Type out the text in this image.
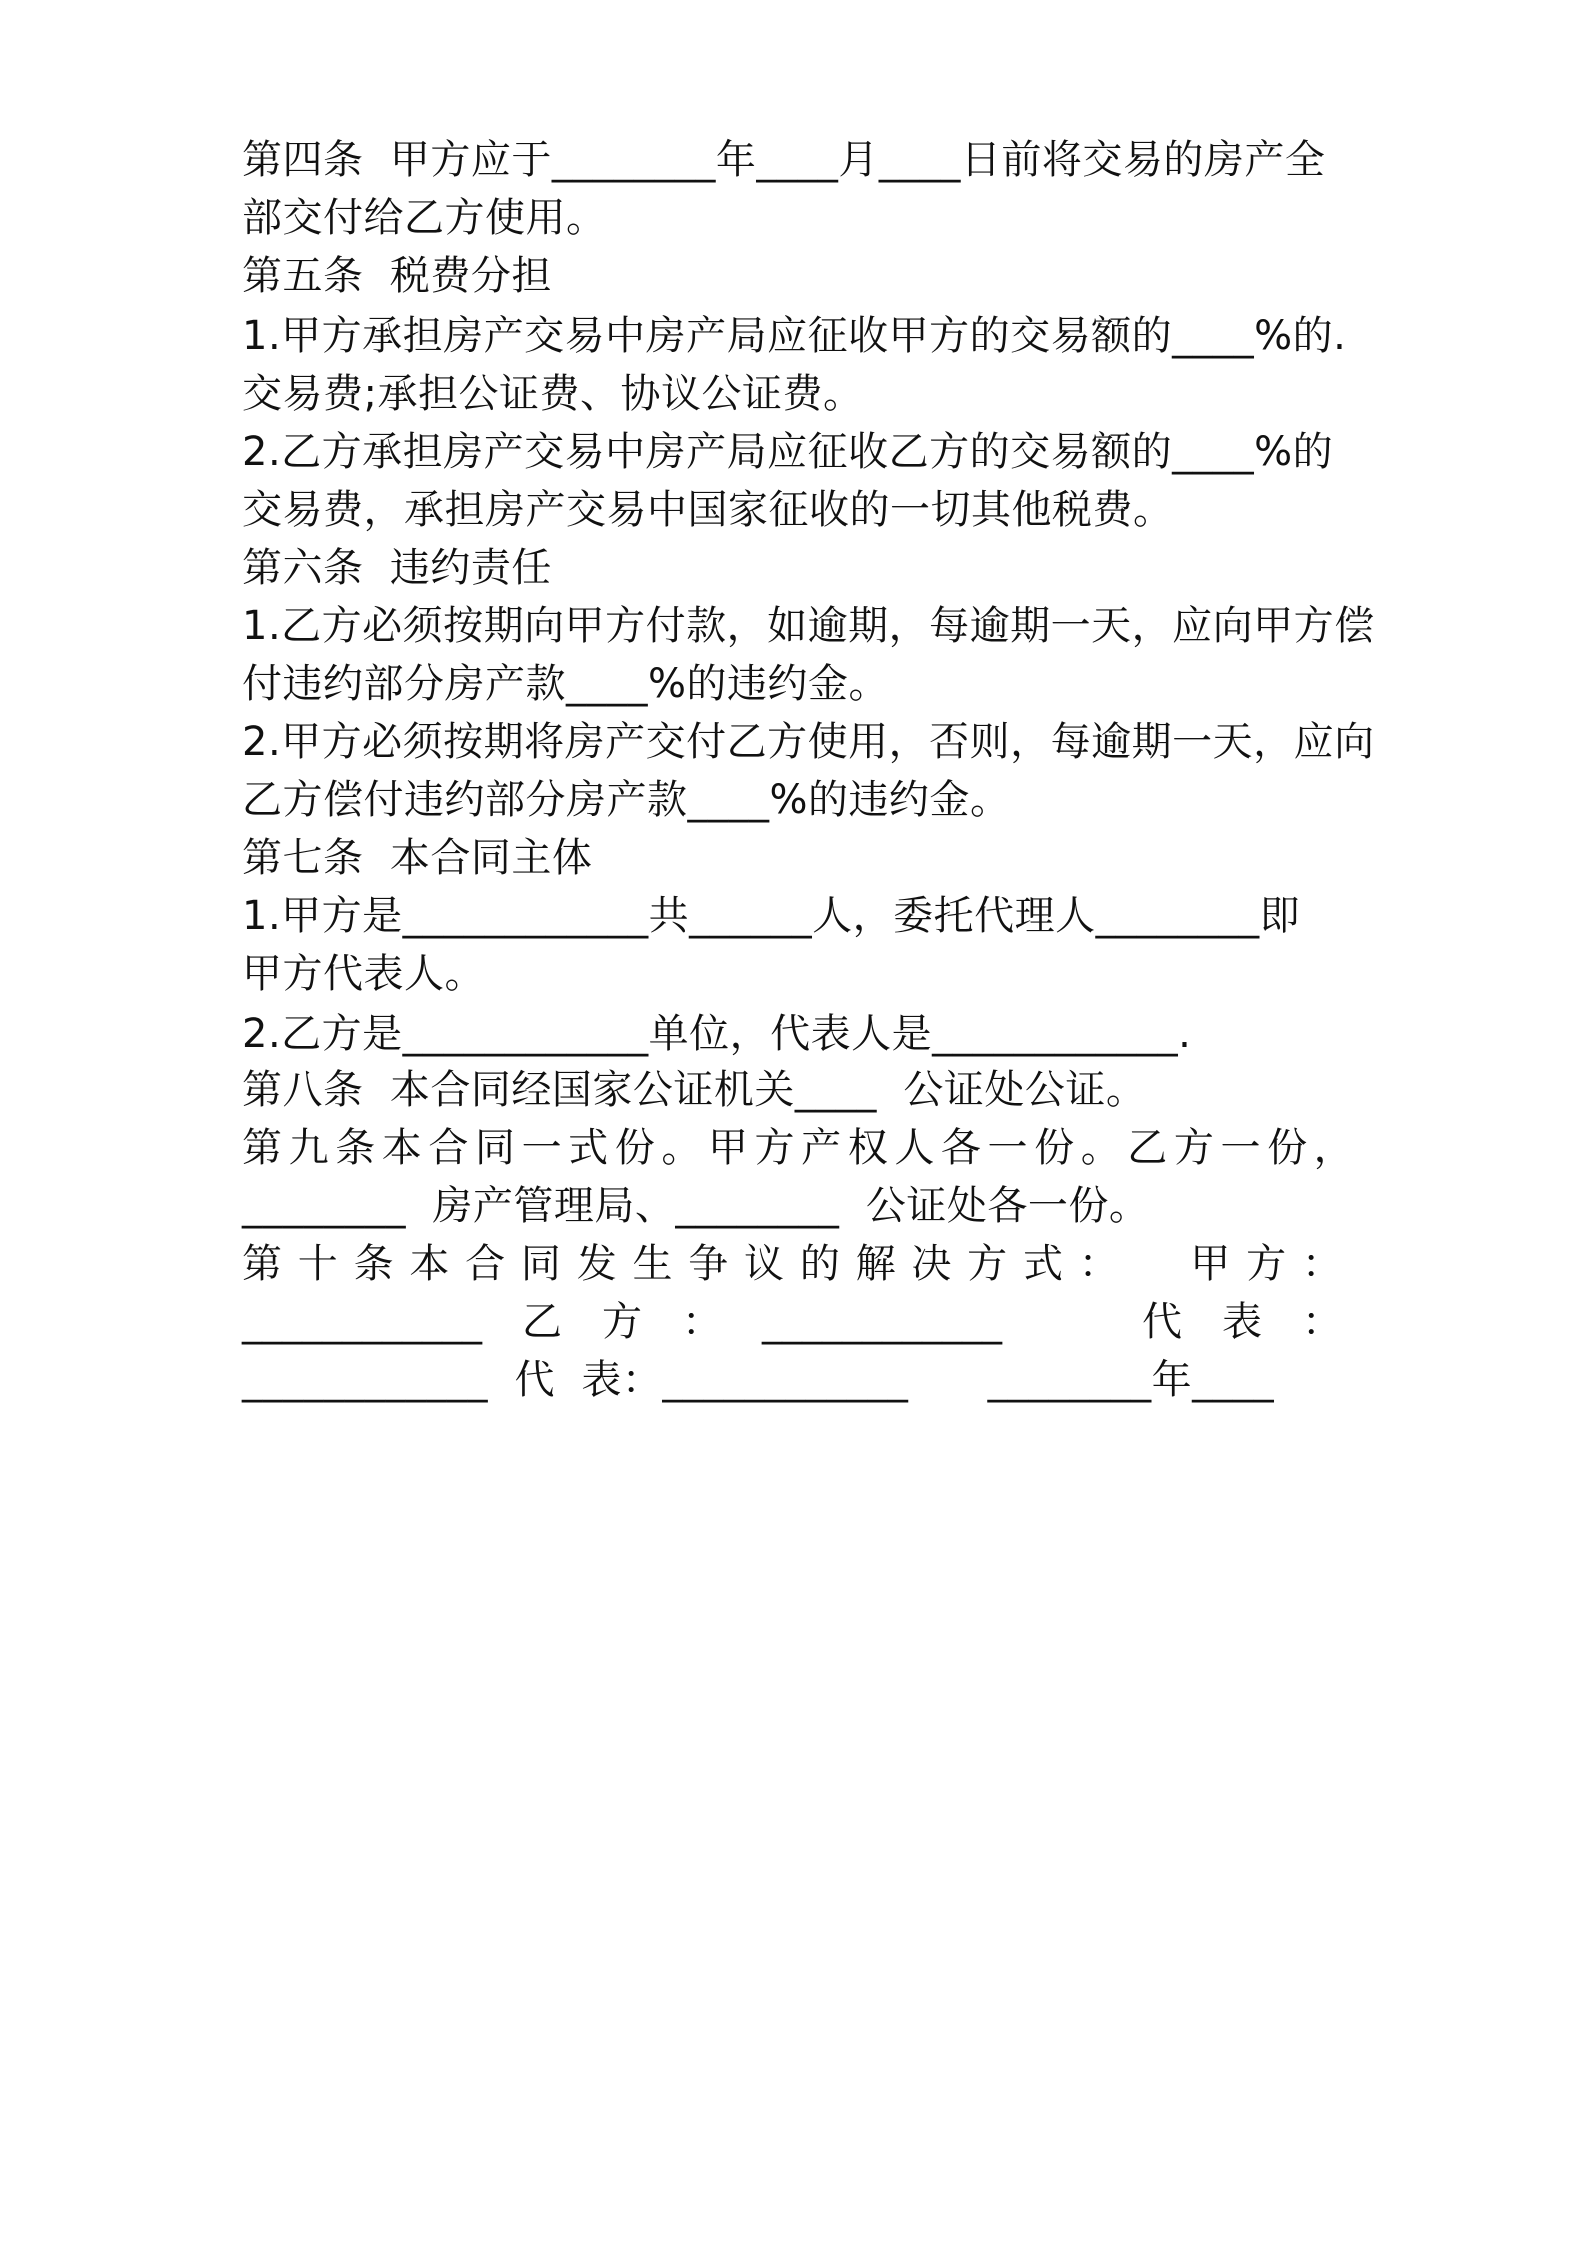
第四条  甲方应于________年____月____日前将交易的房产全
部交付给乙方使用。
第五条  税费分担
1.甲方承担房产交易中房产局应征收甲方的交易额的____%的.
交易费;承担公证费、协议公证费。
2.乙方承担房产交易中房产局应征收乙方的交易额的____%的
交易费，承担房产交易中国家征收的一切其他税费。
第六条  违约责任
1.乙方必须按期向甲方付款，如逾期，每逾期一天，应向甲方偿
付违约部分房产款____%的违约金。
2.甲方必须按期将房产交付乙方使用，否则，每逾期一天，应向
乙方偿付违约部分房产款____%的违约金。
第七条  本合同主体
1.甲方是____________共______人，委托代理人________即
甲方代表人。
2.乙方是____________单位，代表人是____________.
第八条  本合同经国家公证机关____  公证处公证。
第 九 条 本 合 同 一 式 份 。 甲 方 产 权 人 各 一 份 。 乙 方 一 份 ，
________  房产管理局、________  公证处各一份。
第 十 条 本 合 同 发 生 争 议 的 解 决 方 式 ： 甲 方 ：
____________ 乙 方 ： ____________	代 表 ：
____________ 代 表：____________ ________年____
